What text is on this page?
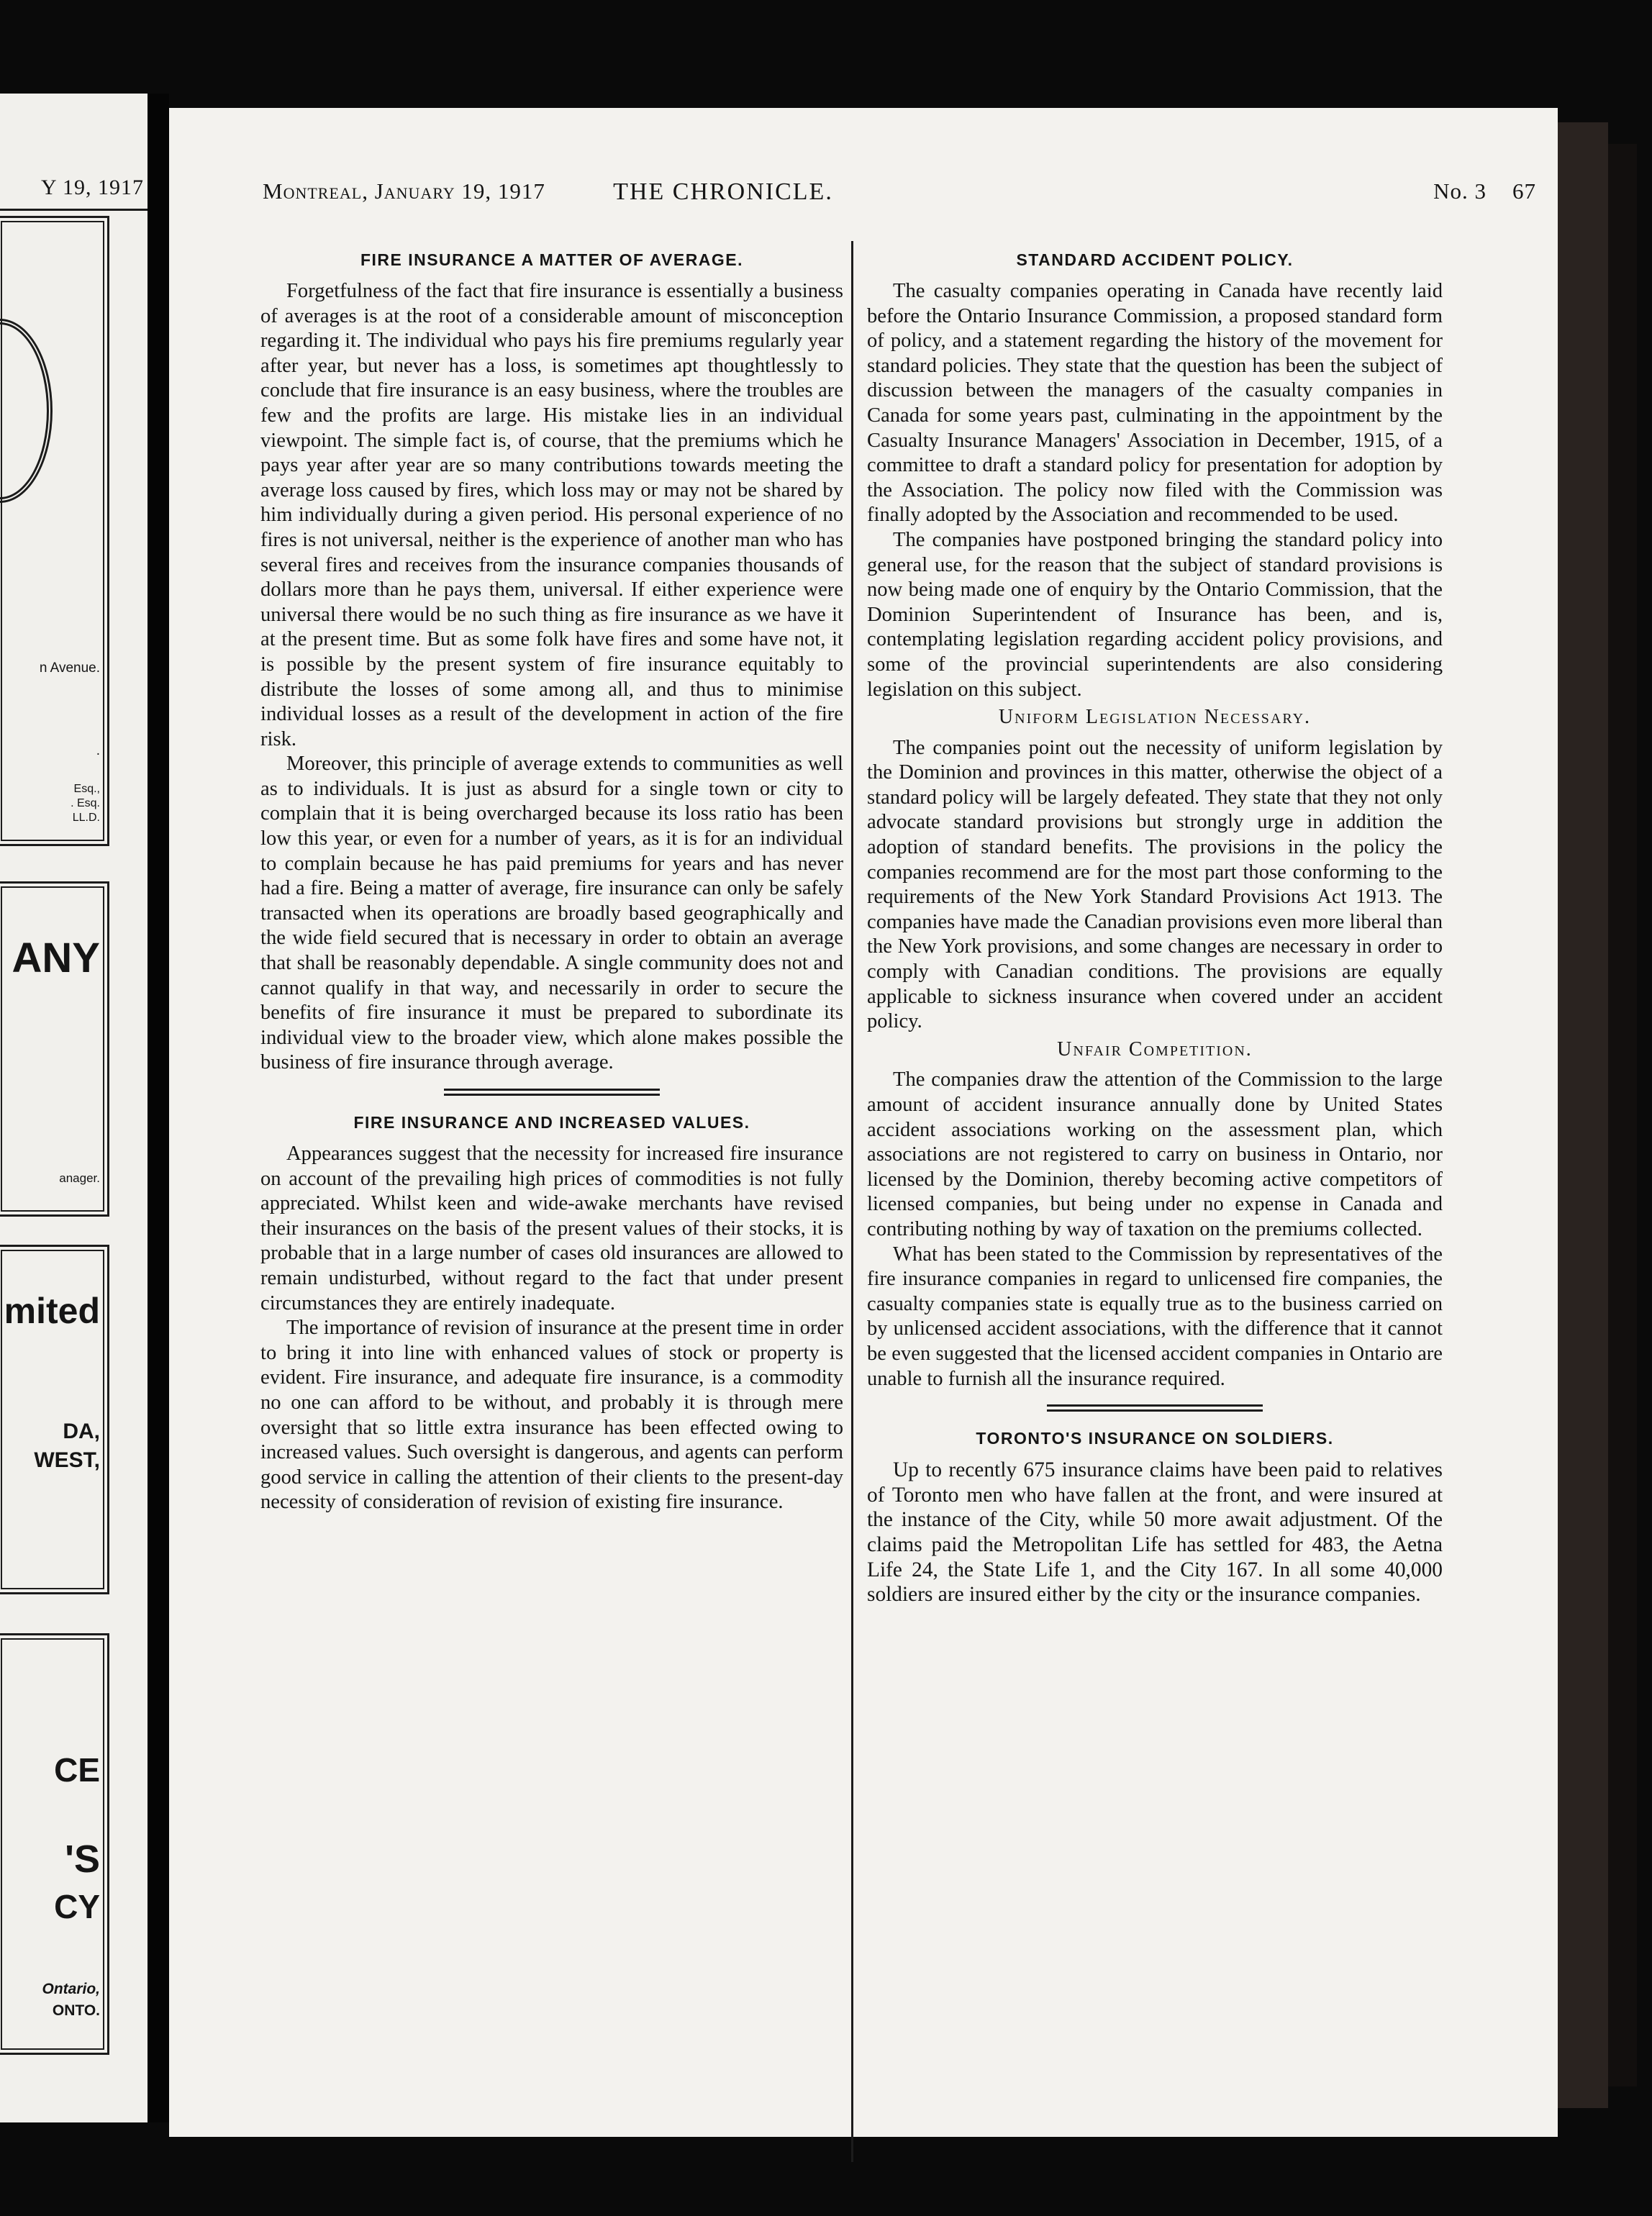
Y 19, 1917
n Avenue.
.
Esq.,
. Esq.
LL.D.
ANY
anager.
mited
DA,
WEST,
CE
'S
CY
Ontario,
ONTO.
Montreal, January 19, 1917	THE CHRONICLE.	No. 3 67
FIRE INSURANCE A MATTER OF AVERAGE.

Forgetfulness of the fact that fire insurance is essentially a business of averages is at the root of a considerable amount of misconception regarding it. The individual who pays his fire premiums regularly year after year, but never has a loss, is sometimes apt thoughtlessly to conclude that fire insurance is an easy business, where the troubles are few and the profits are large. His mistake lies in an individual viewpoint. The simple fact is, of course, that the premiums which he pays year after year are so many contributions towards meeting the average loss caused by fires, which loss may or may not be shared by him individually during a given period. His personal experience of no fires is not universal, neither is the experience of another man who has several fires and receives from the insurance companies thousands of dollars more than he pays them, universal. If either experience were universal there would be no such thing as fire insurance as we have it at the present time. But as some folk have fires and some have not, it is possible by the present system of fire insurance equitably to distribute the losses of some among all, and thus to minimise individual losses as a result of the development in action of the fire risk.

Moreover, this principle of average extends to communities as well as to individuals. It is just as absurd for a single town or city to complain that it is being overcharged because its loss ratio has been low this year, or even for a number of years, as it is for an individual to complain because he has paid premiums for years and has never had a fire. Being a matter of average, fire insurance can only be safely transacted when its operations are broadly based geographically and the wide field secured that is necessary in order to obtain an average that shall be reasonably dependable. A single community does not and cannot qualify in that way, and necessarily in order to secure the benefits of fire insurance it must be prepared to subordinate its individual view to the broader view, which alone makes possible the business of fire insurance through average.

FIRE INSURANCE AND INCREASED VALUES.

Appearances suggest that the necessity for increased fire insurance on account of the prevailing high prices of commodities is not fully appreciated. Whilst keen and wide-awake merchants have revised their insurances on the basis of the present values of their stocks, it is probable that in a large number of cases old insurances are allowed to remain undisturbed, without regard to the fact that under present circumstances they are entirely inadequate.

The importance of revision of insurance at the present time in order to bring it into line with enhanced values of stock or property is evident. Fire insurance, and adequate fire insurance, is a commodity no one can afford to be without, and probably it is through mere oversight that so little extra insurance has been effected owing to increased values. Such oversight is dangerous, and agents can perform good service in calling the attention of their clients to the present-day necessity of consideration of revision of existing fire insurance.

STANDARD ACCIDENT POLICY.

The casualty companies operating in Canada have recently laid before the Ontario Insurance Commission, a proposed standard form of policy, and a statement regarding the history of the movement for standard policies. They state that the question has been the subject of discussion between the managers of the casualty companies in Canada for some years past, culminating in the appointment by the Casualty Insurance Managers' Association in December, 1915, of a committee to draft a standard policy for presentation for adoption by the Association. The policy now filed with the Commission was finally adopted by the Association and recommended to be used.

The companies have postponed bringing the standard policy into general use, for the reason that the subject of standard provisions is now being made one of enquiry by the Ontario Commission, that the Dominion Superintendent of Insurance has been, and is, contemplating legislation regarding accident policy provisions, and some of the provincial superintendents are also considering legislation on this subject.

Uniform Legislation Necessary.

The companies point out the necessity of uniform legislation by the Dominion and provinces in this matter, otherwise the object of a standard policy will be largely defeated. They state that they not only advocate standard provisions but strongly urge in addition the adoption of standard benefits. The provisions in the policy the companies recommend are for the most part those conforming to the requirements of the New York Standard Provisions Act 1913. The companies have made the Canadian provisions even more liberal than the New York provisions, and some changes are necessary in order to comply with Canadian conditions. The provisions are equally applicable to sickness insurance when covered under an accident policy.

Unfair Competition.

The companies draw the attention of the Commission to the large amount of accident insurance annually done by United States accident associations working on the assessment plan, which associations are not registered to carry on business in Ontario, nor licensed by the Dominion, thereby becoming active competitors of licensed companies, but being under no expense in Canada and contributing nothing by way of taxation on the premiums collected.

What has been stated to the Commission by representatives of the fire insurance companies in regard to unlicensed fire companies, the casualty companies state is equally true as to the business carried on by unlicensed accident associations, with the difference that it cannot be even suggested that the licensed accident companies in Ontario are unable to furnish all the insurance required.

TORONTO'S INSURANCE ON SOLDIERS.

Up to recently 675 insurance claims have been paid to relatives of Toronto men who have fallen at the front, and were insured at the instance of the City, while 50 more await adjustment. Of the claims paid the Metropolitan Life has settled for 483, the Aetna Life 24, the State Life 1, and the City 167. In all some 40,000 soldiers are insured either by the city or the insurance companies.
